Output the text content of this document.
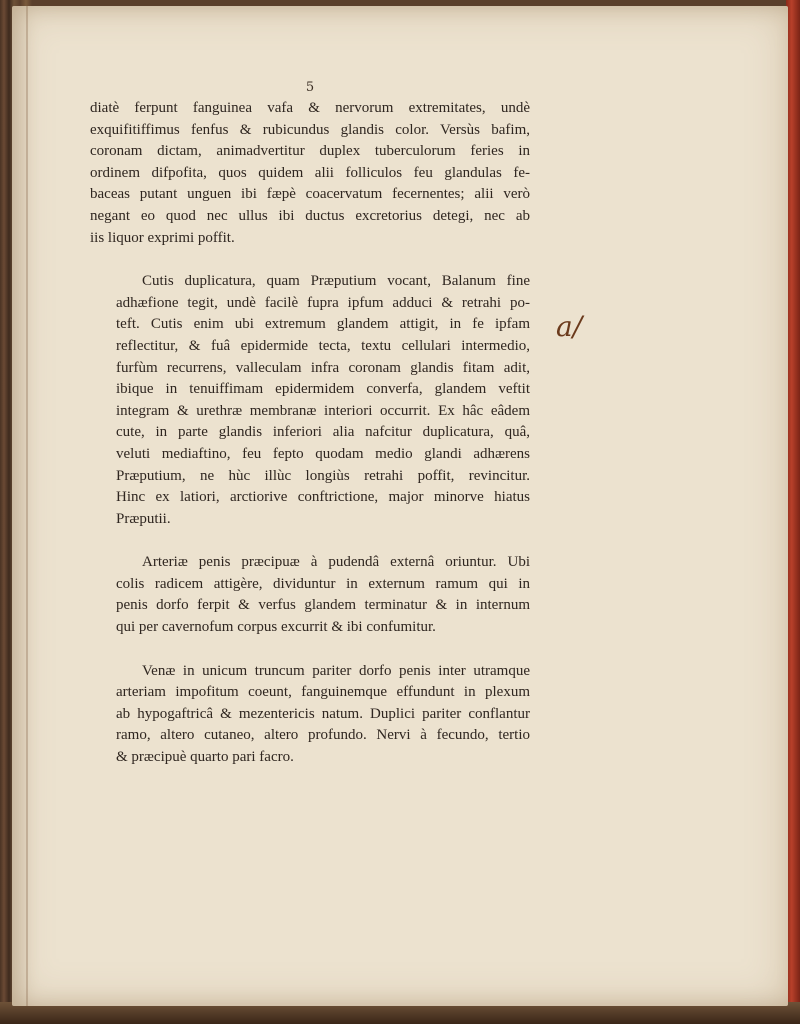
5
a/

diatè ferpunt fanguinea vafa & nervorum extremitates, undè
exquifitiffimus fenfus & rubicundus glandis color. Versùs bafim,
coronam dictam, animadvertitur duplex tuberculorum feries in
ordinem difpofita, quos quidem alii folliculos feu glandulas fe-
baceas putant unguen ibi fæpè coacervatum fecernentes; alii verò
negant eo quod nec ullus ibi ductus excretorius detegi, nec ab
iis liquor exprimi poffit.

Cutis duplicatura, quam Præputium vocant, Balanum fine
adhæfione tegit, undè facilè fupra ipfum adduci & retrahi po-
teft. Cutis enim ubi extremum glandem attigit, in fe ipfam
reflectitur, & fuâ epidermide tecta, textu cellulari intermedio,
furfùm recurrens, valleculam infra coronam glandis fitam adit,
ibique in tenuiffimam epidermidem converfa, glandem veftit
integram & urethræ membranæ interiori occurrit. Ex hâc eâdem
cute, in parte glandis inferiori alia nafcitur duplicatura, quâ,
veluti mediaftino, feu fepto quodam medio glandi adhærens
Præputium, ne hùc illùc longiùs retrahi poffit, revincitur.
Hinc ex latiori, arctiorive conftrictione, major minorve hiatus
Præputii.

Arteriæ penis præcipuæ à pudendâ externâ oriuntur. Ubi
colis radicem attigère, dividuntur in externum ramum qui in
penis dorfo ferpit & verfus glandem terminatur & in internum
qui per cavernofum corpus excurrit & ibi confumitur.

Venæ in unicum truncum pariter dorfo penis inter utramque
arteriam impofitum coeunt, fanguinemque effundunt in plexum
ab hypogaftricâ & mezentericis natum. Duplici pariter conflantur
ramo, altero cutaneo, altero profundo. Nervi à fecundo, tertio
& præcipuè quarto pari facro.
